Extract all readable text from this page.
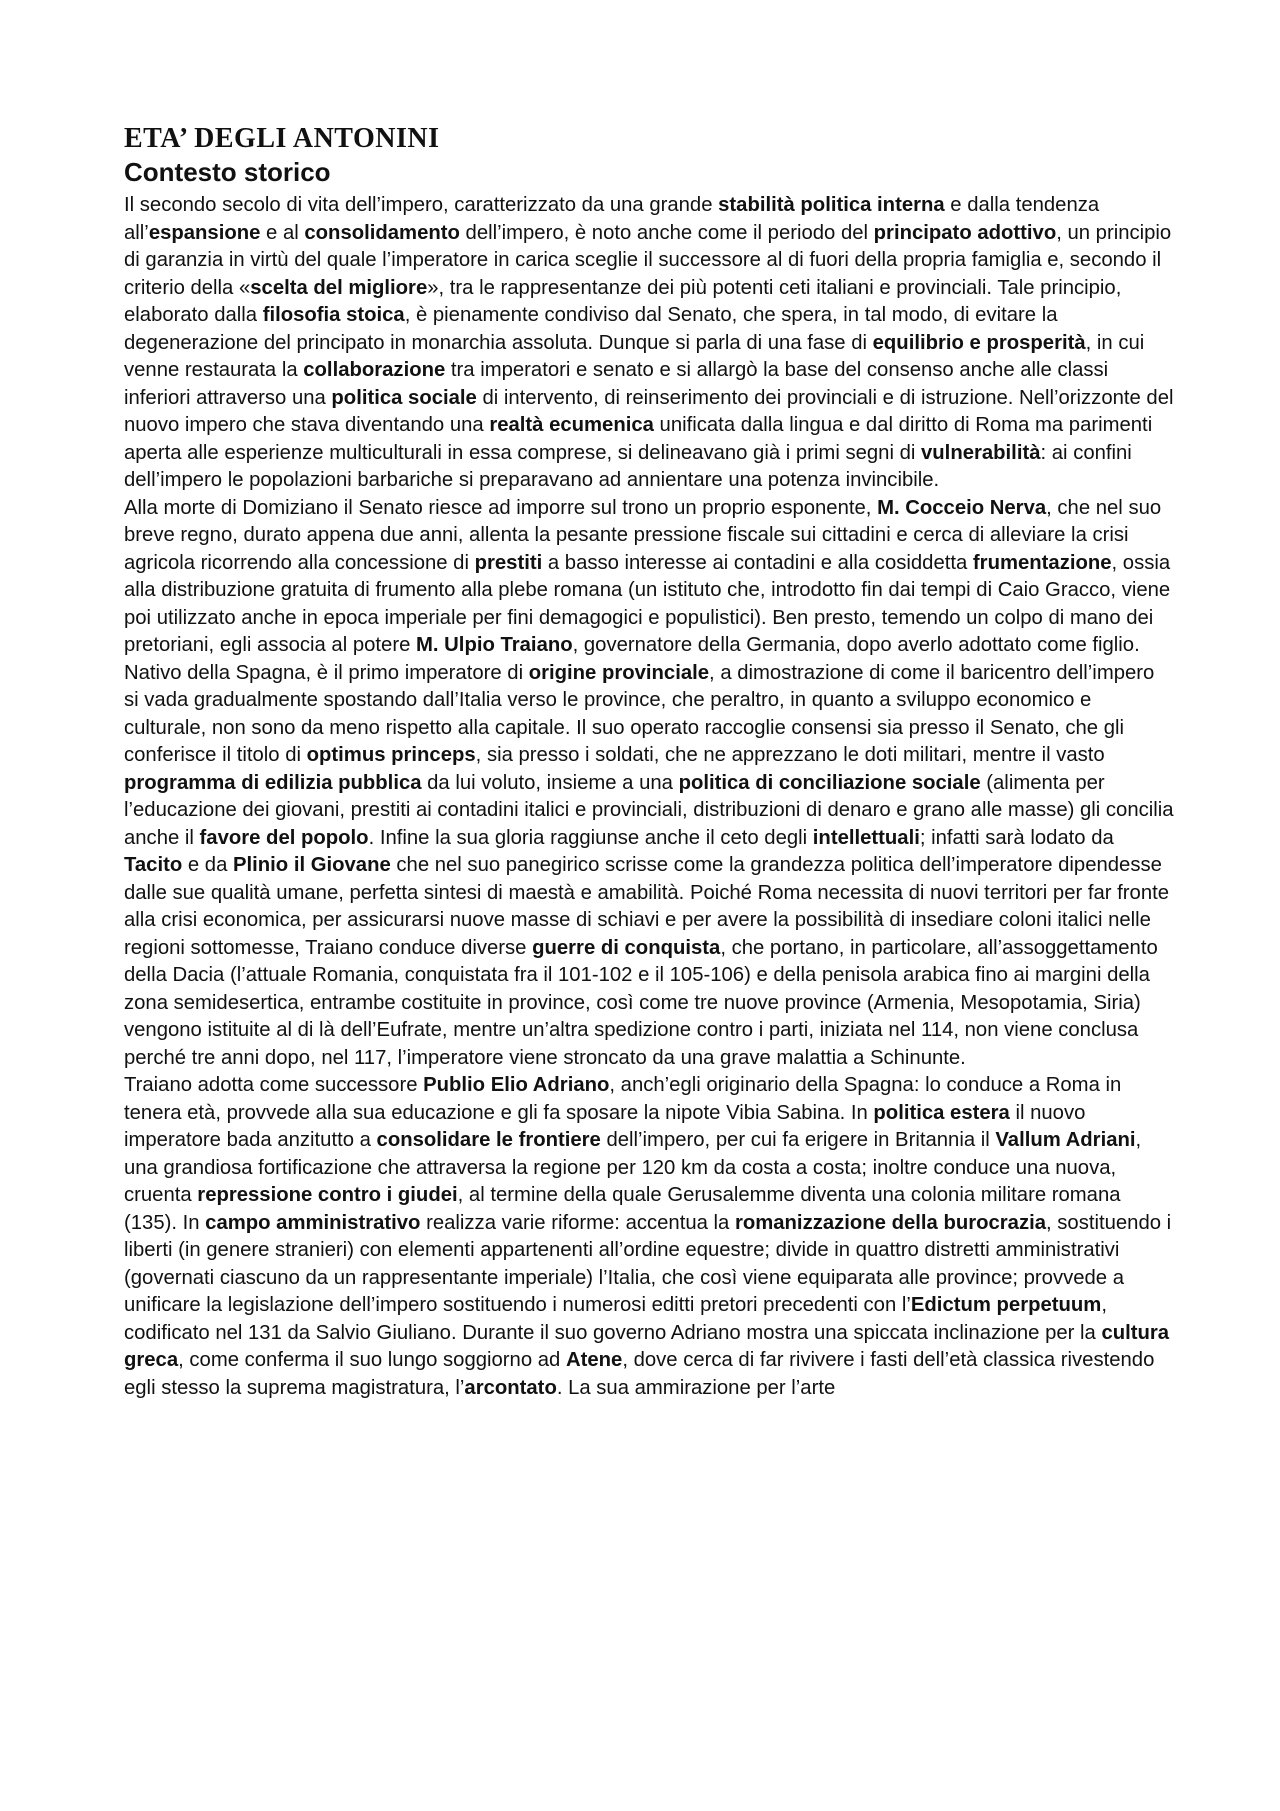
ETA’ DEGLI ANTONINI
Contesto storico

Il secondo secolo di vita dell’impero, caratterizzato da una grande stabilità politica interna e dalla tendenza all’espansione e al consolidamento dell’impero, è noto anche come il periodo del principato adottivo, un principio di garanzia in virtù del quale l’imperatore in carica sceglie il successore al di fuori della propria famiglia e, secondo il criterio della «scelta del migliore», tra le rappresentanze dei più potenti ceti italiani e provinciali. Tale principio, elaborato dalla filosofia stoica, è pienamente condiviso dal Senato, che spera, in tal modo, di evitare la degenerazione del principato in monarchia assoluta. Dunque si parla di una fase di equilibrio e prosperità, in cui venne restaurata la collaborazione tra imperatori e senato e si allargò la base del consenso anche alle classi inferiori attraverso una politica sociale di intervento, di reinserimento dei provinciali e di istruzione. Nell’orizzonte del nuovo impero che stava diventando una realtà ecumenica unificata dalla lingua e dal diritto di Roma ma parimenti aperta alle esperienze multiculturali in essa comprese, si delineavano già i primi segni di vulnerabilità: ai confini dell’impero le popolazioni barbariche si preparavano ad annientare una potenza invincibile.

Alla morte di Domiziano il Senato riesce ad imporre sul trono un proprio esponente, M. Cocceio Nerva, che nel suo breve regno, durato appena due anni, allenta la pesante pressione fiscale sui cittadini e cerca di alleviare la crisi agricola ricorrendo alla concessione di prestiti a basso interesse ai contadini e alla cosiddetta frumentazione, ossia alla distribuzione gratuita di frumento alla plebe romana (un istituto che, introdotto fin dai tempi di Caio Gracco, viene poi utilizzato anche in epoca imperiale per fini demagogici e populistici). Ben presto, temendo un colpo di mano dei pretoriani, egli associa al potere M. Ulpio Traiano, governatore della Germania, dopo averlo adottato come figlio. Nativo della Spagna, è il primo imperatore di origine provinciale, a dimostrazione di come il baricentro dell’impero si vada gradualmente spostando dall’Italia verso le province, che peraltro, in quanto a sviluppo economico e culturale, non sono da meno rispetto alla capitale. Il suo operato raccoglie consensi sia presso il Senato, che gli conferisce il titolo di optimus princeps, sia presso i soldati, che ne apprezzano le doti militari, mentre il vasto programma di edilizia pubblica da lui voluto, insieme a una politica di conciliazione sociale (alimenta per l’educazione dei giovani, prestiti ai contadini italici e provinciali, distribuzioni di denaro e grano alle masse) gli concilia anche il favore del popolo. Infine la sua gloria raggiunse anche il ceto degli intellettuali; infatti sarà lodato da Tacito e da Plinio il Giovane che nel suo panegirico scrisse come la grandezza politica dell’imperatore dipendesse dalle sue qualità umane, perfetta sintesi di maestà e amabilità. Poiché Roma necessita di nuovi territori per far fronte alla crisi economica, per assicurarsi nuove masse di schiavi e per avere la possibilità di insediare coloni italici nelle regioni sottomesse, Traiano conduce diverse guerre di conquista, che portano, in particolare, all’assoggettamento della Dacia (l’attuale Romania, conquistata fra il 101-102 e il 105-106) e della penisola arabica fino ai margini della zona semidesertica, entrambe costituite in province, così come tre nuove province (Armenia, Mesopotamia, Siria) vengono istituite al di là dell’Eufrate, mentre un’altra spedizione contro i parti, iniziata nel 114, non viene conclusa perché tre anni dopo, nel 117, l’imperatore viene stroncato da una grave malattia a Schinunte.

Traiano adotta come successore Publio Elio Adriano, anch’egli originario della Spagna: lo conduce a Roma in tenera età, provvede alla sua educazione e gli fa sposare la nipote Vibia Sabina. In politica estera il nuovo imperatore bada anzitutto a consolidare le frontiere dell’impero, per cui fa erigere in Britannia il Vallum Adriani, una grandiosa fortificazione che attraversa la regione per 120 km da costa a costa; inoltre conduce una nuova, cruenta repressione contro i giudei, al termine della quale Gerusalemme diventa una colonia militare romana (135). In campo amministrativo realizza varie riforme: accentua la romanizzazione della burocrazia, sostituendo i liberti (in genere stranieri) con elementi appartenenti all’ordine equestre; divide in quattro distretti amministrativi (governati ciascuno da un rappresentante imperiale) l’Italia, che così viene equiparata alle province; provvede a unificare la legislazione dell’impero sostituendo i numerosi editti pretori precedenti con l’Edictum perpetuum, codificato nel 131 da Salvio Giuliano. Durante il suo governo Adriano mostra una spiccata inclinazione per la cultura greca, come conferma il suo lungo soggiorno ad Atene, dove cerca di far rivivere i fasti dell’età classica rivestendo egli stesso la suprema magistratura, l’arcontato. La sua ammirazione per l’arte
